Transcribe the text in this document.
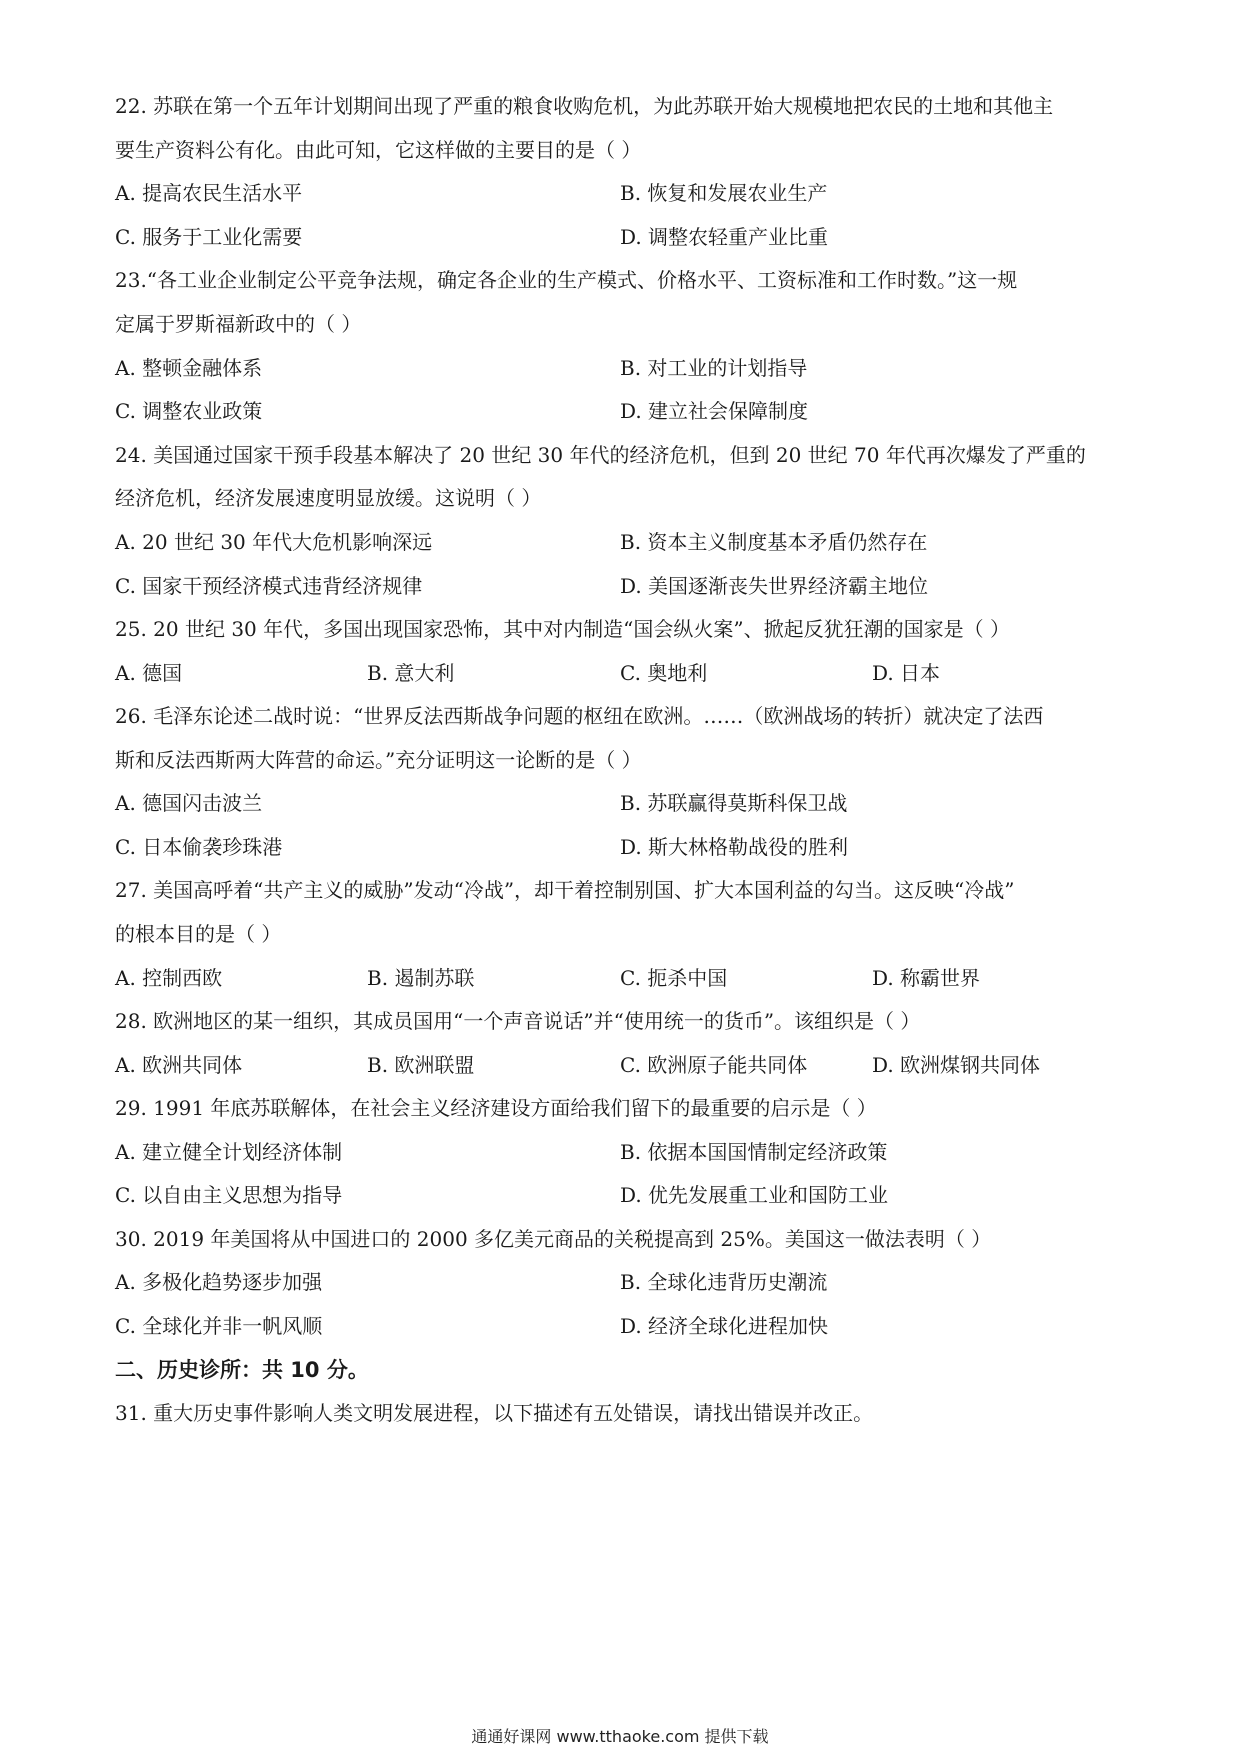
22. 苏联在第一个五年计划期间出现了严重的粮食收购危机，为此苏联开始大规模地把农民的土地和其他主
要生产资料公有化。由此可知，它这样做的主要目的是（ ）
A. 提高农民生活水平	B. 恢复和发展农业生产
C. 服务于工业化需要	D. 调整农轻重产业比重
23.“各工业企业制定公平竞争法规，确定各企业的生产模式、价格水平、工资标准和工作时数。”这一规
定属于罗斯福新政中的（ ）
A. 整顿金融体系	B. 对工业的计划指导
C. 调整农业政策	D. 建立社会保障制度
24. 美国通过国家干预手段基本解决了 20 世纪 30 年代的经济危机，但到 20 世纪 70 年代再次爆发了严重的
经济危机，经济发展速度明显放缓。这说明（ ）
A. 20 世纪 30 年代大危机影响深远	B. 资本主义制度基本矛盾仍然存在
C. 国家干预经济模式违背经济规律	D. 美国逐渐丧失世界经济霸主地位
25. 20 世纪 30 年代，多国出现国家恐怖，其中对内制造“国会纵火案”、掀起反犹狂潮的国家是（ ）
A. 德国	B. 意大利	C. 奥地利	D. 日本
26. 毛泽东论述二战时说：“世界反法西斯战争问题的枢纽在欧洲。……（欧洲战场的转折）就决定了法西
斯和反法西斯两大阵营的命运。”充分证明这一论断的是（ ）
A. 德国闪击波兰	B. 苏联赢得莫斯科保卫战
C. 日本偷袭珍珠港	D. 斯大林格勒战役的胜利
27. 美国高呼着“共产主义的威胁”发动“冷战”，却干着控制别国、扩大本国利益的勾当。这反映“冷战”
的根本目的是（ ）
A. 控制西欧	B. 遏制苏联	C. 扼杀中国	D. 称霸世界
28. 欧洲地区的某一组织，其成员国用“一个声音说话”并“使用统一的货币”。该组织是（ ）
A. 欧洲共同体	B. 欧洲联盟	C. 欧洲原子能共同体	D. 欧洲煤钢共同体
29. 1991 年底苏联解体，在社会主义经济建设方面给我们留下的最重要的启示是（ ）
A. 建立健全计划经济体制	B. 依据本国国情制定经济政策
C. 以自由主义思想为指导	D. 优先发展重工业和国防工业
30. 2019 年美国将从中国进口的 2000 多亿美元商品的关税提高到 25%。美国这一做法表明（ ）
A. 多极化趋势逐步加强	B. 全球化违背历史潮流
C. 全球化并非一帆风顺	D. 经济全球化进程加快
二、历史诊所：共 10 分。
31. 重大历史事件影响人类文明发展进程，以下描述有五处错误，请找出错误并改正。
通通好课网 www.tthaoke.com 提供下载
